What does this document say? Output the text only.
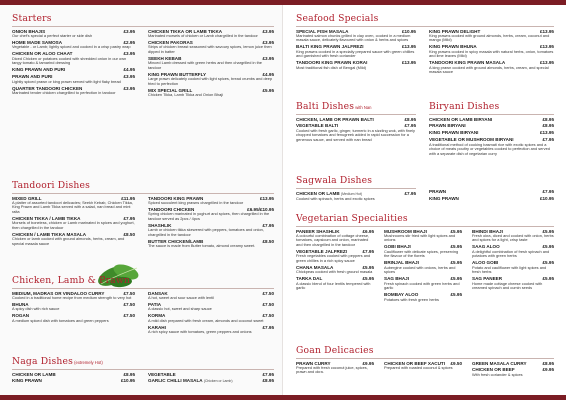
Starters
ONION BHAJIS	£3.95
Our chef's special a perfect starter or side dish
HOME MADE SAMOSA	£2.95
Vegetable - or Lamb; lightly spiced and cooked in a crisp pastry wrap
CHICKEN OR ALOO CHAAT	£3.95
Diced Chicken or potatoes cooked with shredded onion in our own tangy tomato & tamarind dressing
KING PRAWN AND PURI	£4.95
PRAWN AND PURI	£3.95
Lightly spiced prawn or king prawn served with light flaky bread
QUARTER TANDOORI CHICKEN	£3.95
Marinated tender chicken chargrilled to perfection in tandoor
CHICKEN TIKKA OR LAMB TIKKA	£3.95
Marinated morsels of chicken or Lamb chargrilled in the tandoor
CHICKEN PAKORAS	£3.95
Strips of chicken breast seasoned with savoury spices, lemon juice then dipped in batter
SEEKH KEBAB	£3.95
Minced Lamb dressed with green herbs and then chargrilled in the tandoor
KING PRAWN BUTTERFLY	£4.95
Large prawn delicately cooked with light spices, bread crumbs and deep fried to perfection
MIX SPECIAL GRILL	£5.95
Chicken Tikka, Lamb Tikka and Onion Bhaji
Tandoori Dishes
MIXED GRILL	£11.95
A platter of assorted tandoori delicacies; Seekh Kebab, Chicken Tikka, King Prawn and Lamb Tikka served with a salad, nan bread and mint raita
CHICKEN TIKKA / LAMB TIKKA	£7.95
Morsels of boneless, chicken or Lamb marinated in spices and yoghurt, then chargrilled in the tandoor
CHICKEN / LAMB TIKKA MASALA	£8.50
Chicken or lamb cooked with ground almonds, herbs, cream, and special masala sauce
TANDOORI KING PRAWN	£13.95
Spiced succulent king prawns chargrilled in the tandoor
TANDOORI CHICKEN	£6.95/£10.95
Spring chicken marinated in yoghurt and spices, then chargrilled in the tandoor served as 2pcs / 4pcs
SHASHLIK	£7.95
Lamb or chicken tikka skewered with peppers, tomatoes and onion, chargrilled in the tandoor
BUTTER CHICKEN/LAMB	£8.50
The sauce is made from Butter tomato, almond creamy sweet.
Chicken, Lamb & Prawn
MEDIUM, MADRAS OR VINDALOO CURRY	£7.50
Cooked in a traditional home recipe from medium strength to very hot
BHUNA	£7.50
A spicy dish with rich sauce
ROGAN	£7.50
A medium spiced dish with tomatoes and green peppers
DANSAK	£7.50
A hot, sweet and sour sauce with lentil
PATIA	£7.50
A classic hot, sweet and sharp sauce
KORMA	£7.50
A mild dish prepared with fresh cream, almonds and coconut sweet
KARAHI	£7.95
A rich spicy sauce with tomatoes, green peppers and onions
Naga Dishes(extremely Hot)
CHICKEN OR LAMB	£8.95
KING PRAWN	£10.95
VEGETABLE	£7.95
GARLIC CHILLI MASALA (Chicken or Lamb)	£8.95
Seafood Specials
SPECIAL FISH MASALA	£10.95
Marinated salmon chunks grilled in clay oven, cooked in a medium masala sauce, delicately flavoured with onion & herbs and spices
BALTI KING PRAWN JALFREZI	£13.95
King prawns cooked in a specially prepared sauce with green chillies and garnished with fresh coriander
TANDOORI KING PRAWN KORAI	£13.95
Most traditional fish dish of Bengal (Mild)
KING PRAWN DELIGHT	£13.95
King prawns cooked with ground almonds, herbs, cream, coconut and mango (Mild)
KING PRAWN BHUNA	£13.95
King prawns cooked in spicy masala with natural herbs, onion, tomatoes and lime leaves (Mild)
TANDOORI KING PRAWN MASALA	£13.95
A king prawn cooked with ground almonds, herbs, cream, and special masala sauce
Balti Disheswith Nan
CHICKEN, LAMB OR PRAWN BALTI	£8.95
VEGETABLE BALTI	£7.95
Cooked with fresh garlic, ginger, turmeric in a sizzling wok, with finely chopped tomatoes and fenugreek added in rapid succession for a generous sauce, and served with nan bread
Biryani Dishes
CHICKEN OR LAMB BIRYANI	£8.95
PRAWN BIRYANI	£8.95
KING PRAWN BIRYANI	£13.95
VEGETABLE OR MUSHROOM BIRYANI	£7.95
A traditional method of cooking basmati rice with exotic spices and a choice of meats poultry or vegetables cooked to perfection and served with a separate dish of vegetarian curry
Sagwala Dishes
CHICKEN OR LAMB (Medium Hot)	£7.95
Cooked with spinach, herbs and exotic spices
PRAWN	£7.95
KING PRAWN	£10.95
Vegetarian Specialities
PANEER SHASHLIK	£6.95
A colourful combination of cottage cheese, tomatoes, capsicum and onion, marinated and then chargrilled in the tandoor
VEGETABLE JALFREZI	£7.95
Fresh vegetables cooked with peppers and green chillies in a rich spicy sauce
CHANA MASALA	£5.95
Chickpeas cooked with fresh ground masala
TARKA DAL	£5.95
A classic blend of four lentils tempered with garlic
MUSHROOM BHAJI	£5.95
Mushrooms stir fried with light spices and onions
GOBI BHAJI	£5.95
Cauliflower with delicate spices, preserving the flavour of the florets
BRINJAL BHAJI	£5.95
Aubergine cooked with onions, herbs and spices
SAG BHAJI	£5.95
Fresh spinach cooked with green herbs and garlic
BOMBAY ALOO	£5.95
Potatoes with fresh green herbs
BHINDI BHAJI	£5.95
Fresh okra, diced and cooked with onion, herbs and spices for a light, crisp taste
SAAG ALOO	£5.95
A delightful combination of fresh spinach and potatoes with green herbs
ALOO GOBI	£5.95
Potato and cauliflower with light spices and fresh herbs
SAG PANEER	£5.95
Home made cottage cheese cooked with creamed spinach and cumin seeds
Goan Delicacies
PRAWN CURRY	£9.95
Prepared with fresh coconut juice, spices, prawn and okra.
CHICKEN OR BEEF XACUTI	£9.50
Prepared with roasted coconut & spices
GREEN MASALA CURRY	£8.95
CHICKEN OR BEEF	£9.95
With fresh coriander & spices
